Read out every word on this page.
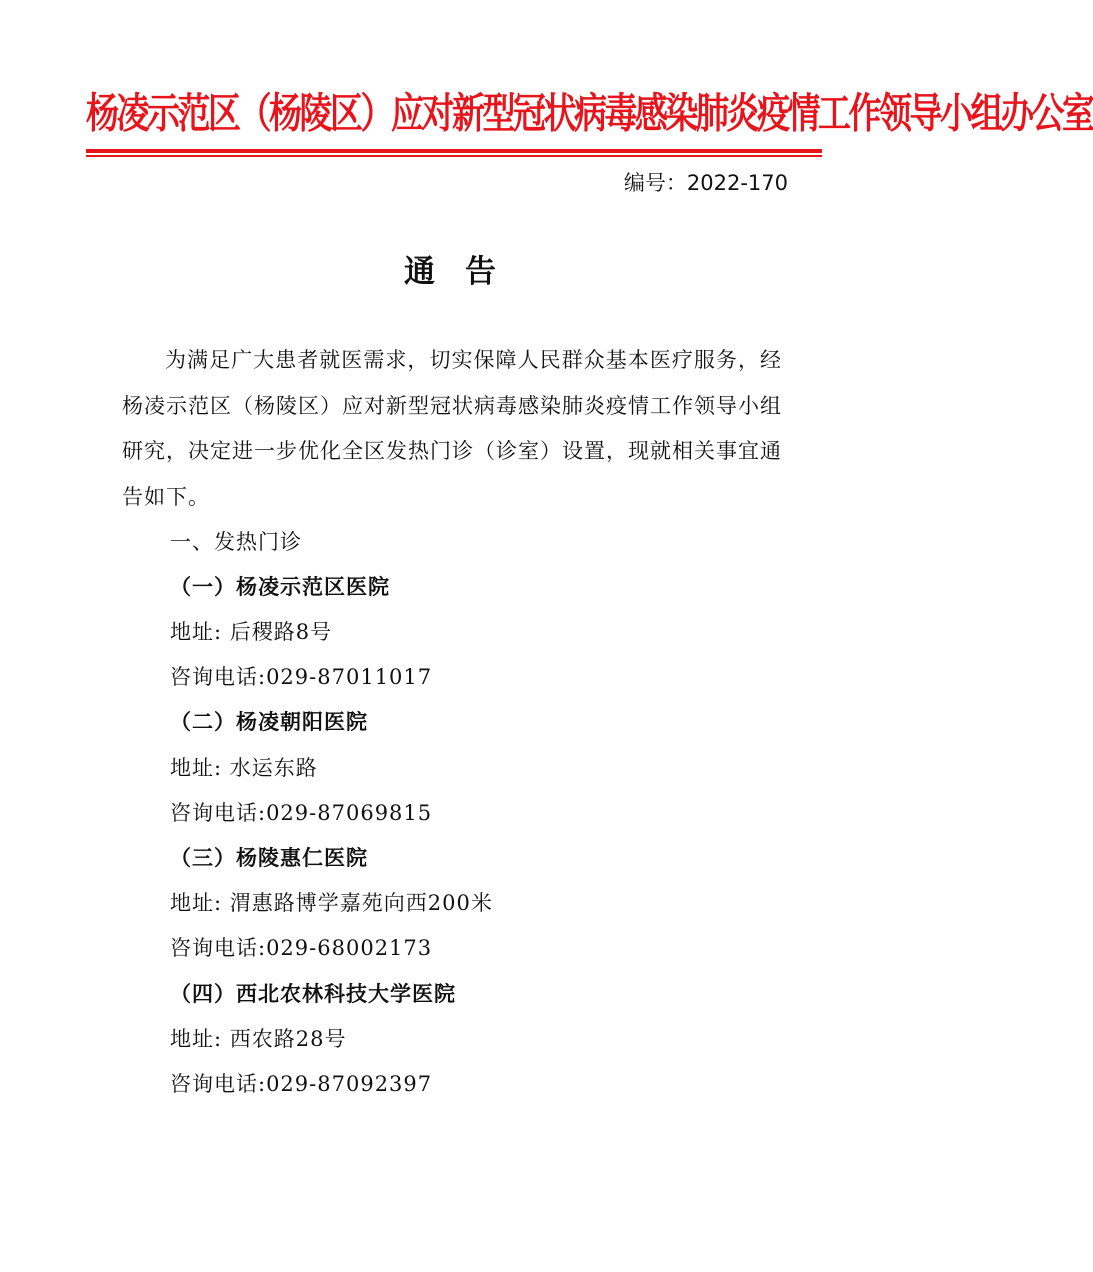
杨凌示范区（杨陵区）应对新型冠状病毒感染肺炎疫情工作领导小组办公室
编号：2022-170
通告
为满足广大患者就医需求，切实保障人民群众基本医疗服务，经杨凌示范区（杨陵区）应对新型冠状病毒感染肺炎疫情工作领导小组研究，决定进一步优化全区发热门诊（诊室）设置，现就相关事宜通告如下。
一、发热门诊
（一）杨凌示范区医院
地址: 后稷路8号
咨询电话:029-87011017
（二）杨凌朝阳医院
地址: 水运东路
咨询电话:029-87069815
（三）杨陵惠仁医院
地址: 渭惠路博学嘉苑向西200米
咨询电话:029-68002173
（四）西北农林科技大学医院
地址: 西农路28号
咨询电话:029-87092397
